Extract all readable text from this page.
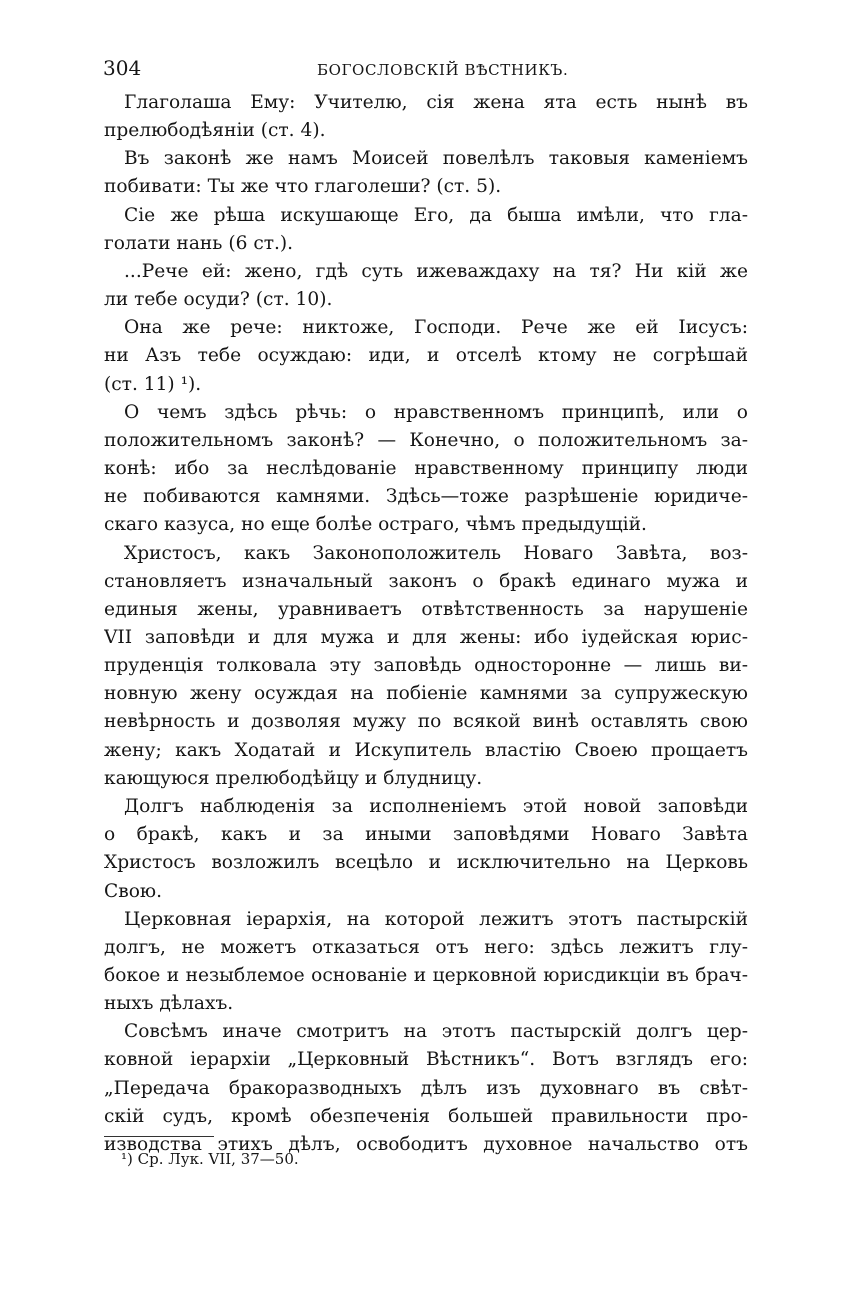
304	БОГОСЛОВСКІЙ ВѢСТНИКЪ.
Глаголаша Ему: Учителю, сія жена ята есть нынѣ въ
прелюбодѣяніи (ст. 4).
Въ законѣ же намъ Моисей повелѣлъ таковыя каменіемъ
побивати: Ты же что глаголеши? (ст. 5).
Сіе же рѣша искушающе Его, да быша имѣли, что гла-
голати нань (6 ст.).
...Рече ей: жено, гдѣ суть ижеваждаху на тя? Ни кій же
ли тебе осуди? (ст. 10).
Она же рече: никтоже, Господи. Рече же ей Іисусъ:
ни Азъ тебе осуждаю: иди, и отселѣ ктому не согрѣшай
(ст. 11) ¹).
О чемъ здѣсь рѣчь: о нравственномъ принципѣ, или о
положительномъ законѣ? — Конечно, о положительномъ за-
конѣ: ибо за неслѣдованіе нравственному принципу люди
не побиваются камнями. Здѣсь—тоже разрѣшеніе юридиче-
скаго казуса, но еще болѣе остраго, чѣмъ предыдущій.
Христосъ, какъ Законоположитель Новаго Завѣта, воз-
становляетъ изначальный законъ о бракѣ единаго мужа и
единыя жены, уравниваетъ отвѣтственность за нарушеніе
VII заповѣди и для мужа и для жены: ибо іудейская юрис-
пруденція толковала эту заповѣдь односторонне — лишь ви-
новную жену осуждая на побіеніе камнями за супружескую
невѣрность и дозволяя мужу по всякой винѣ оставлять свою
жену; какъ Ходатай и Искупитель властію Своею прощаетъ
кающуюся прелюбодѣйцу и блудницу.
Долгъ наблюденія за исполненіемъ этой новой заповѣди
о бракѣ, какъ и за иными заповѣдями Новаго Завѣта
Христосъ возложилъ всецѣло и исключительно на Церковь
Свою.
Церковная іерархія, на которой лежитъ этотъ пастырскій
долгъ, не можетъ отказаться отъ него: здѣсь лежитъ глу-
бокое и незыблемое основаніе и церковной юрисдикціи въ брач-
ныхъ дѣлахъ.
Совсѣмъ иначе смотритъ на этотъ пастырскій долгъ цер-
ковной іерархіи „Церковный Вѣстникъ“. Вотъ взглядъ его:
„Передача бракоразводныхъ дѣлъ изъ духовнаго въ свѣт-
скій судъ, кромѣ обезпеченія большей правильности про-
изводства этихъ дѣлъ, освободитъ духовное начальство отъ
¹) Ср. Лук. VII, 37—50.
